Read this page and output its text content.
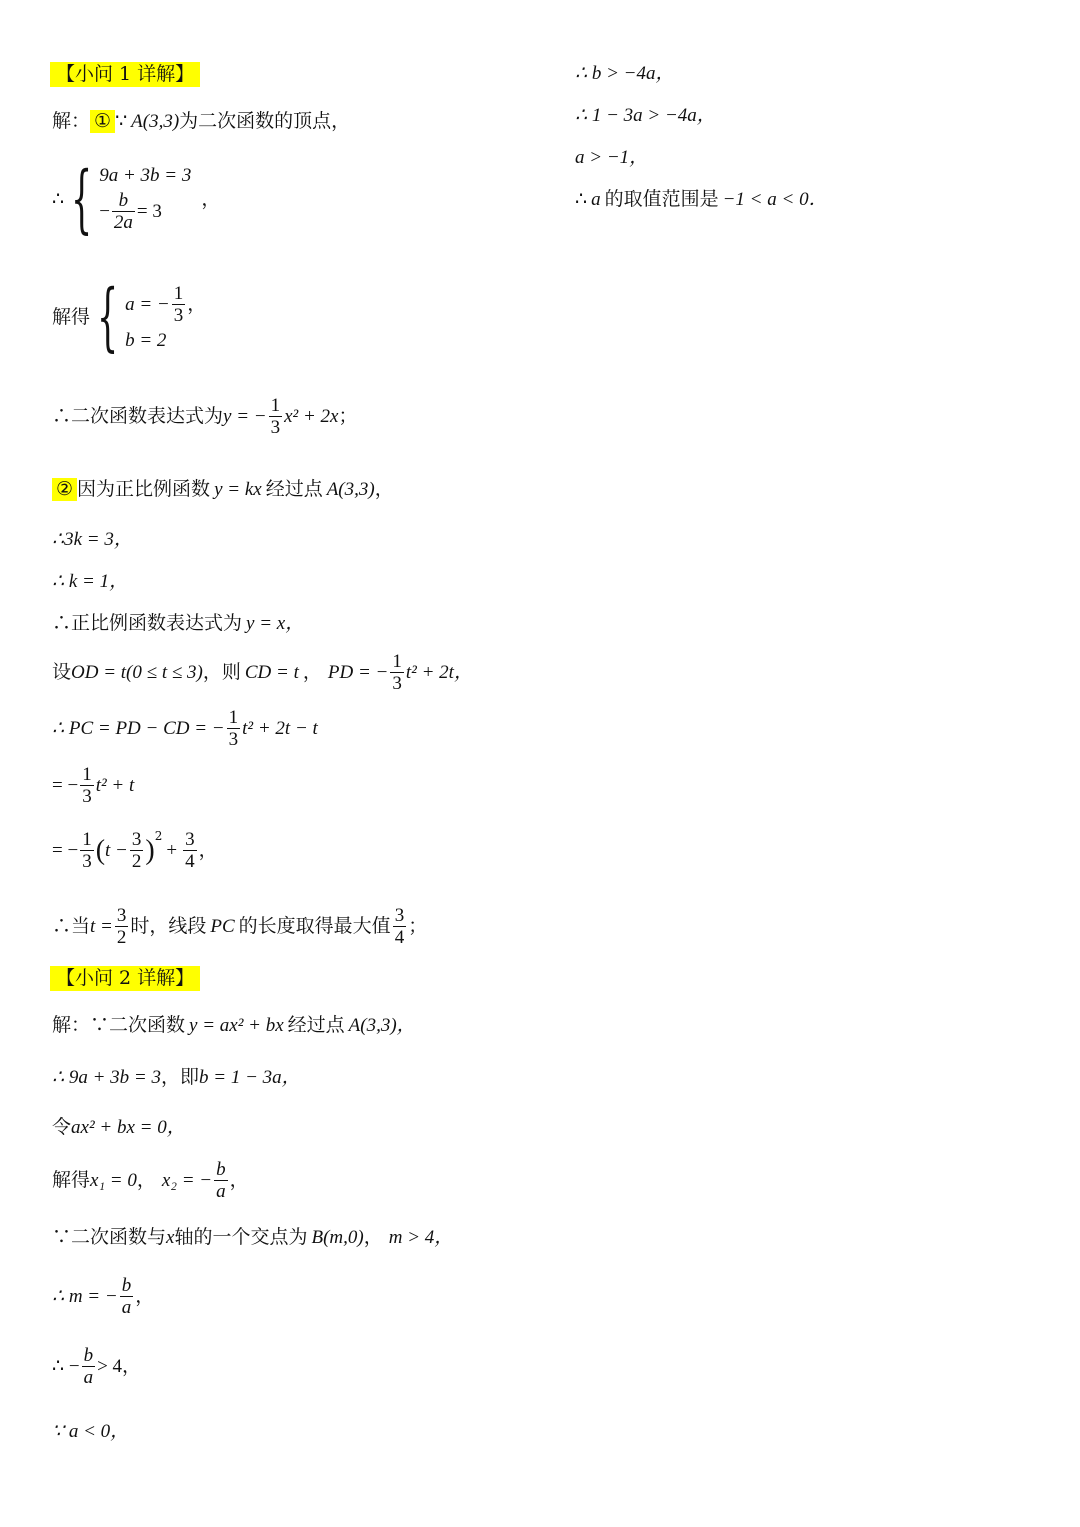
【小问 1 详解】
解： ① ∵ A(3,3) 为二次函数的顶点，
∴ { 9a + 3b = 3
− $\frac{b}{2a} = 3$
，
解得 { a = − $\frac{1}{3}$ ，
b = 2
∴二次函数表达式为 y = − $\frac{1}{3} x^2 + 2x$ ；
② 因为正比例函数 y = kx 经过点 A(3,3) ，
∴3k = 3，
∴ k = 1，
∴正比例函数表达式为 y = x，
设 OD = t(0 ≤ t ≤ 3) ，则 CD = t ， PD = − $\frac{1}{3} t^2 + 2t$，
∴ PC = PD − CD = − $\frac{1}{3} t^2 + 2t - t$
= − $\frac{1}{3} t^2 + t$
= − $\frac{1}{3}$ ( $t - \frac{3}{2} )^2$
+ $\frac{3}{4}$ ，
∴当 $t = \frac{3}{2}$ 时，线段 PC 的长度取得最大值 $\frac{3}{4}$ ；
【小问 2 详解】
解：∵二次函数 y = ax² + bx 经过点 A(3,3)，
∴ 9a + 3b = 3 ，即 b = 1 − 3a，
令 ax² + bx = 0，
解得 x₁ = 0 ， x₂ = − $\frac{b}{a}$ ，
∵二次函数与 x 轴的一个交点为 B(m,0) ， m > 4，
∴ m = − $\frac{b}{a}$ ，
∴ − $\frac{b}{a} > 4$，
∵ a < 0，
∴ b > −4a，
∴ 1 − 3a > −4a，
a > −1，
∴ a 的取值范围是 −1 < a < 0．
